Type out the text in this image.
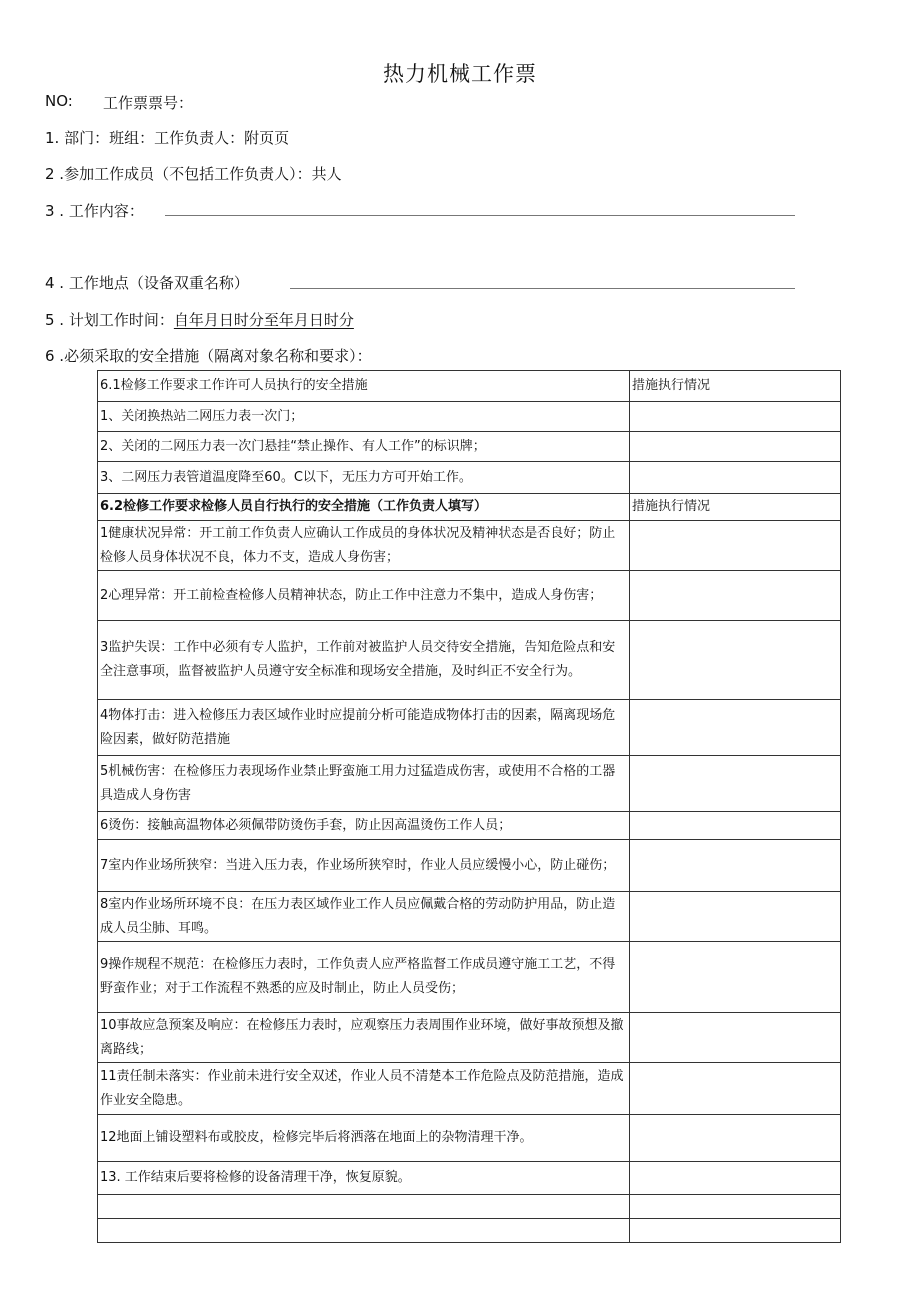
热力机械工作票
NO: 工作票票号：
1. 部门：班组：工作负责人：附页页
2 .参加工作成员（不包括工作负责人）：共人
3 . 工作内容：
4 . 工作地点（设备双重名称）
5 . 计划工作时间：自年月日时分至年月日时分
6 .必须采取的安全措施（隔离对象名称和要求）：
6.1检修工作要求工作许可人员执行的安全措施	措施执行情况
1、关闭换热站二网压力表一次门；	
2、关闭的二网压力表一次门悬挂“禁止操作、有人工作”的标识牌；	
3、二网压力表管道温度降至60。C以下，无压力方可开始工作。	
6.2检修工作要求检修人员自行执行的安全措施（工作负责人填写）	措施执行情况
1健康状况异常：开工前工作负责人应确认工作成员的身体状况及精神状态是否良好；防止检修人员身体状况不良，体力不支，造成人身伤害；	
2心理异常：开工前检查检修人员精神状态，防止工作中注意力不集中，造成人身伤害；	
3监护失误：工作中必须有专人监护，工作前对被监护人员交待安全措施，告知危险点和安全注意事项，监督被监护人员遵守安全标准和现场安全措施，及时纠正不安全行为。	
4物体打击：进入检修压力表区域作业时应提前分析可能造成物体打击的因素，隔离现场危险因素，做好防范措施	
5机械伤害：在检修压力表现场作业禁止野蛮施工用力过猛造成伤害，或使用不合格的工器具造成人身伤害	
6烫伤：接触高温物体必须佩带防烫伤手套，防止因高温烫伤工作人员；	
7室内作业场所狭窄：当进入压力表，作业场所狭窄时，作业人员应缓慢小心，防止碰伤；	
8室内作业场所环境不良：在压力表区域作业工作人员应佩戴合格的劳动防护用品，防止造成人员尘肺、耳鸣。	
9操作规程不规范：在检修压力表时，工作负责人应严格监督工作成员遵守施工工艺，不得野蛮作业；对于工作流程不熟悉的应及时制止，防止人员受伤；	
10事故应急预案及响应：在检修压力表时，应观察压力表周围作业环境，做好事故预想及撤离路线；	
11责任制未落实：作业前未进行安全双述，作业人员不清楚本工作危险点及防范措施，造成作业安全隐患。	
12地面上铺设塑料布或胶皮，检修完毕后将洒落在地面上的杂物清理干净。	
13. 工作结束后要将检修的设备清理干净，恢复原貌。	
